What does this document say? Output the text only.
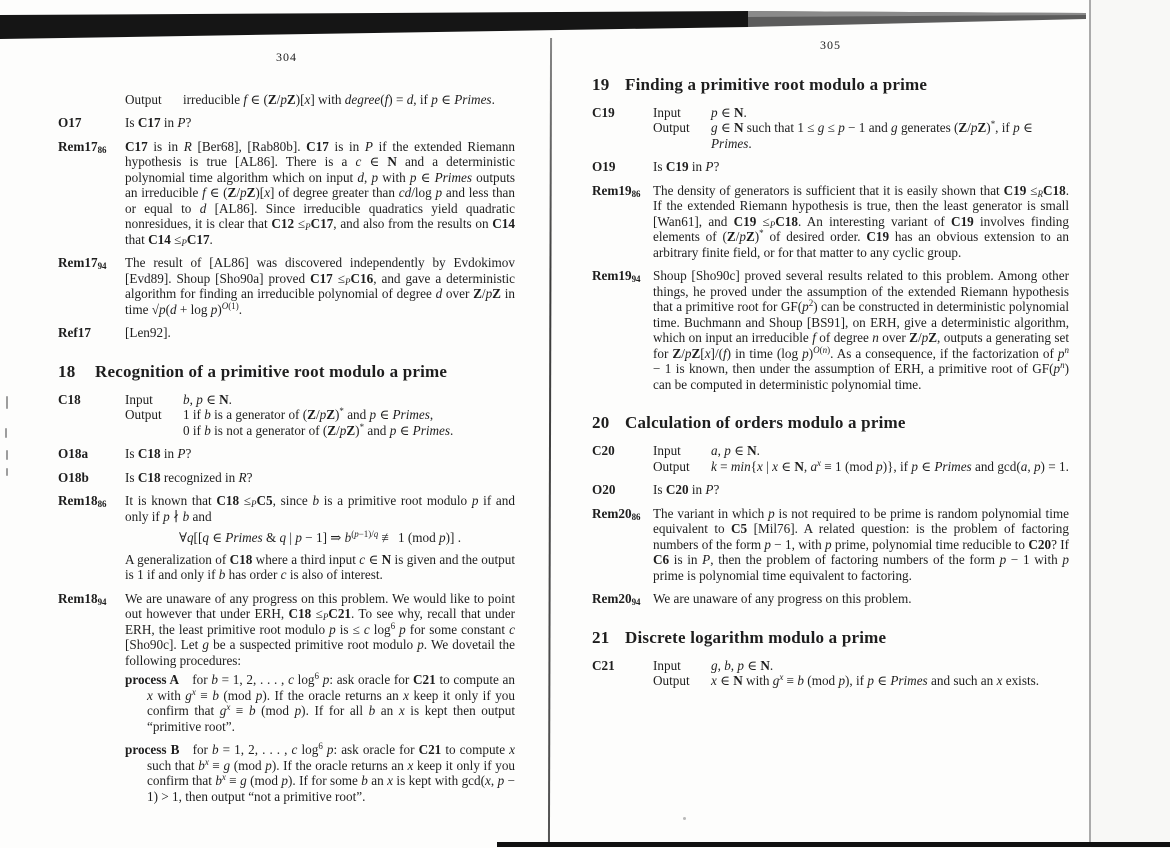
304
Output	irreducible f ∈ (Z/pZ)[x] with degree(f) = d, if p ∈ Primes.
O17	Is C17 in P?
$Rem17_{86}$	C17 is in R [Ber68], [Rab80b]. C17 is in P if the extended Riemann hypothesis is true [AL86]. There is a c ∈ N and a deterministic polynomial time algorithm which on input d, p with p ∈ Primes outputs an irreducible f ∈ (Z/pZ)[x] of degree greater than cd/log p and less than or equal to d [AL86]. Since irreducible quadratics yield quadratic nonresidues, it is clear that $C12 \le_PC17$, and also from the results on C14 that $C14 \le_PC17$.
$Rem17_{94}$	The result of [AL86] was discovered independently by Evdokimov [Evd89]. Shoup [Sho90a] proved $C17 \le_PC16$, and gave a deterministic algorithm for finding an irreducible polynomial of degree d over Z/pZ in time $√p(d + \log p)^{O(1)}$.
Ref17	[Len92].
18	Recognition of a primitive root modulo a prime
C18	Input	b, p ∈ N.
Output	1 if b is a generator of (Z/pZ)* and p ∈ Primes,
0 if b is not a generator of (Z/pZ)* and p ∈ Primes.
O18a	Is C18 in P?
O18b	Is C18 recognized in R?
$Rem18_{86}$	It is known that $C18 \le_PC5$, since b is a primitive root modulo p if and only if p ∤ b and
∀q[[q ∈ Primes & q | p − 1] ⇒ $b^{(p-1)/q}$ ≢ 1 (mod p)] .
A generalization of C18 where a third input c ∈ N is given and the output is 1 if and only if b has order c is also of interest.
$Rem18_{94}$	We are unaware of any progress on this problem. We would like to point out however that under ERH, $C18 \le_PC21$. To see why, recall that under ERH, the least primitive root modulo p is ≤ c $\log^6 p$ for some constant c [Sho90c]. Let g be a suspected primitive root modulo p. We dovetail the following procedures:
process A for b = 1, 2, . . . , c $\log^6 p$: ask oracle for C21 to compute an x with $g^x \equiv b$ (mod p). If the oracle returns an x keep it only if you confirm that $g^x \equiv b$ (mod p). If for all b an x is kept then output “primitive root”.
process B for b = 1, 2, . . . , c $\log^6 p$: ask oracle for C21 to compute x such that $b^x \equiv g$ (mod p). If the oracle returns an x keep it only if you confirm that $b^x \equiv g$ (mod p). If for some b an x is kept with gcd(x, p − 1) > 1, then output “not a primitive root”.
305
19 Finding a primitive root modulo a prime
C19	Input	p ∈ N.
Output	g ∈ N such that 1 ≤ g ≤ p − 1 and g generates (Z/pZ)*, if p ∈ Primes.
O19	Is C19 in P?
$Rem19_{86}$ The density of generators is sufficient that it is easily shown that $C19 \le_RC18$. If the extended Riemann hypothesis is true, then the least generator is small [Wan61], and $C19 \le_PC18$. An interesting variant of C19 involves finding elements of (Z/pZ)* of desired order. C19 has an obvious extension to an arbitrary finite field, or for that matter to any cyclic group.
$Rem19_{94}$ Shoup [Sho90c] proved several results related to this problem. Among other things, he proved under the assumption of the extended Riemann hypothesis that a primitive root for $GF(p^2)$ can be constructed in deterministic polynomial time. Buchmann and Shoup [BS91], on ERH, give a deterministic algorithm, which on input an irreducible f of degree n over Z/pZ, outputs a generating set for Z/pZ[x]/(f) in time (log p)$^{O(n)}$. As a consequence, if the factorization of $p^n - 1$ is known, then under the assumption of ERH, a primitive root of $GF(p^n)$ can be computed in deterministic polynomial time.
20 Calculation of orders modulo a prime
C20	Input	a, p ∈ N.
Output	k = min{x | x ∈ N, $a^x \equiv 1$ (mod p)}, if p ∈ Primes and gcd(a, p) = 1.
O20	Is C20 in P?
$Rem20_{86}$ The variant in which p is not required to be prime is random polynomial time equivalent to C5 [Mil76]. A related question: is the problem of factoring numbers of the form p − 1, with p prime, polynomial time reducible to C20? If C6 is in P, then the problem of factoring numbers of the form p − 1 with p prime is polynomial time equivalent to factoring.
$Rem20_{94}$ We are unaware of any progress on this problem.
21 Discrete logarithm modulo a prime
C21	Input	g, b, p ∈ N.
Output	x ∈ N with $g^x \equiv b$ (mod p), if p ∈ Primes and such an x exists.
